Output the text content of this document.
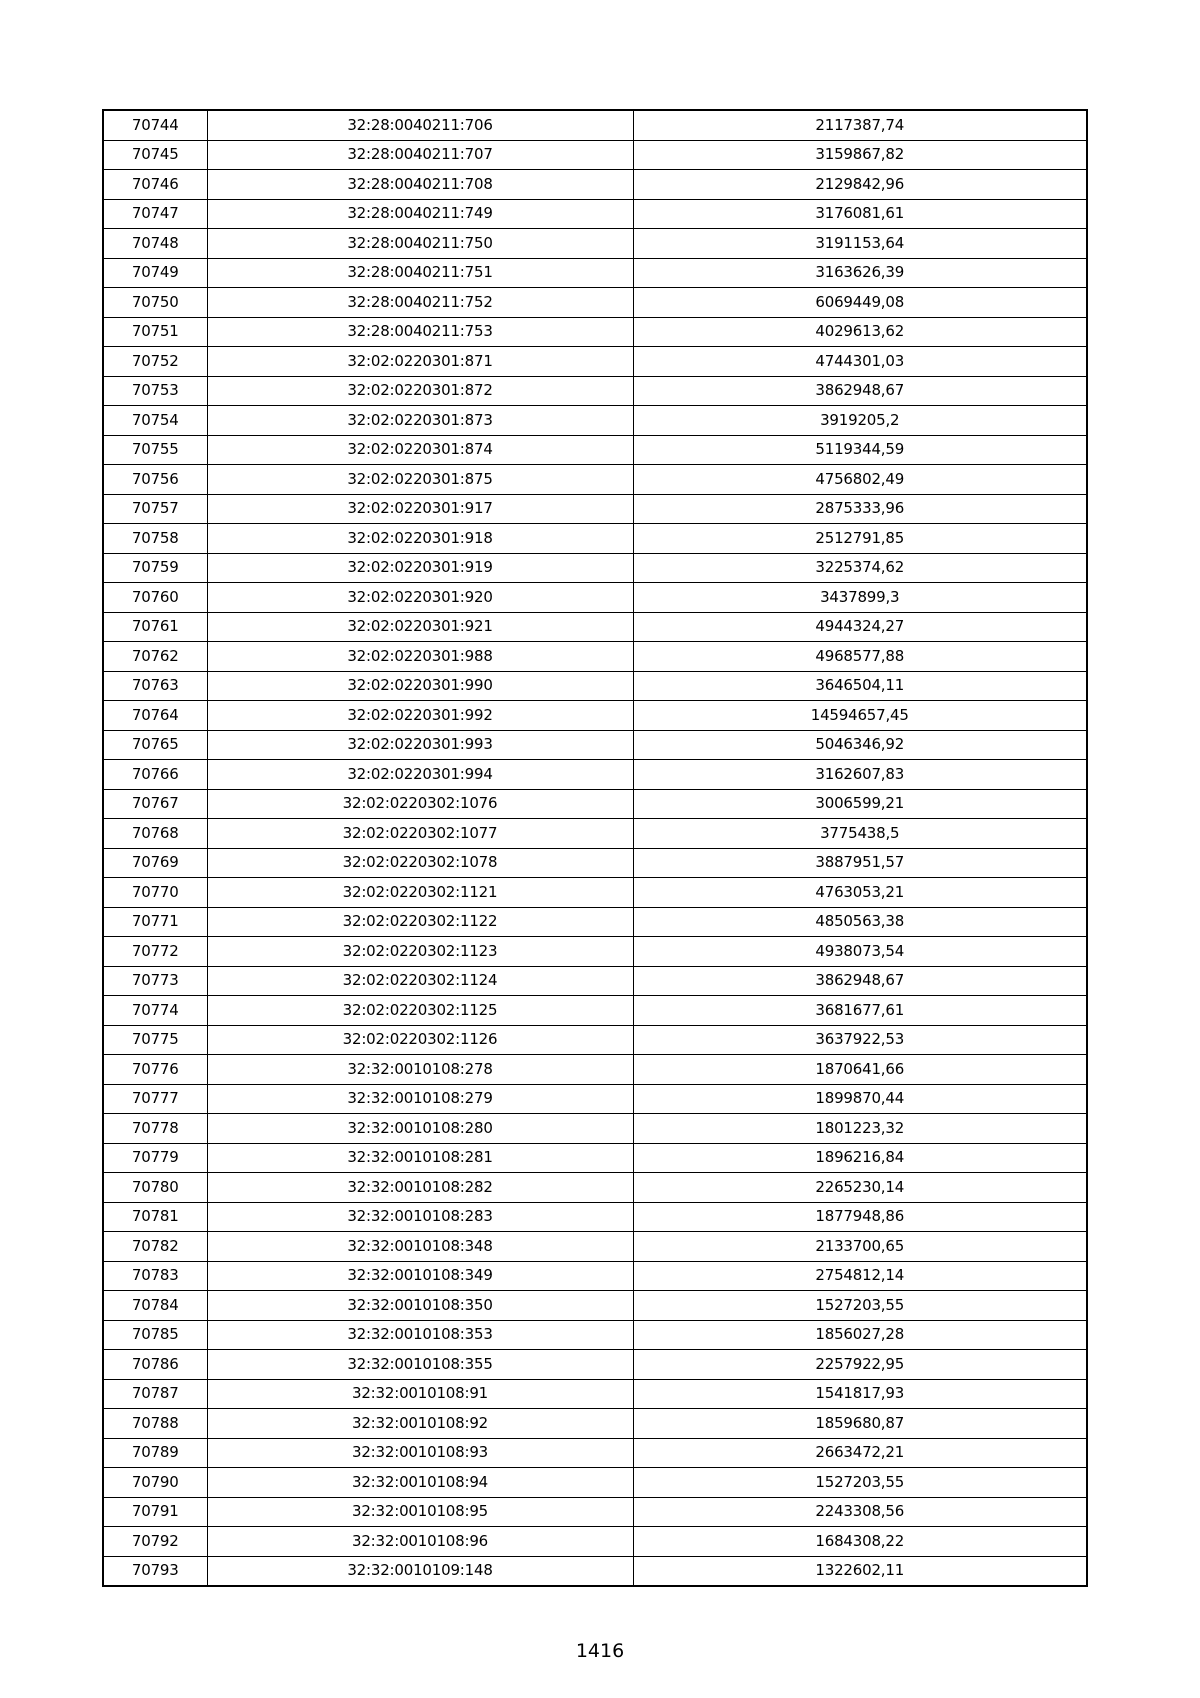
70744	32:28:0040211:706	2117387,74
70745	32:28:0040211:707	3159867,82
70746	32:28:0040211:708	2129842,96
70747	32:28:0040211:749	3176081,61
70748	32:28:0040211:750	3191153,64
70749	32:28:0040211:751	3163626,39
70750	32:28:0040211:752	6069449,08
70751	32:28:0040211:753	4029613,62
70752	32:02:0220301:871	4744301,03
70753	32:02:0220301:872	3862948,67
70754	32:02:0220301:873	3919205,2
70755	32:02:0220301:874	5119344,59
70756	32:02:0220301:875	4756802,49
70757	32:02:0220301:917	2875333,96
70758	32:02:0220301:918	2512791,85
70759	32:02:0220301:919	3225374,62
70760	32:02:0220301:920	3437899,3
70761	32:02:0220301:921	4944324,27
70762	32:02:0220301:988	4968577,88
70763	32:02:0220301:990	3646504,11
70764	32:02:0220301:992	14594657,45
70765	32:02:0220301:993	5046346,92
70766	32:02:0220301:994	3162607,83
70767	32:02:0220302:1076	3006599,21
70768	32:02:0220302:1077	3775438,5
70769	32:02:0220302:1078	3887951,57
70770	32:02:0220302:1121	4763053,21
70771	32:02:0220302:1122	4850563,38
70772	32:02:0220302:1123	4938073,54
70773	32:02:0220302:1124	3862948,67
70774	32:02:0220302:1125	3681677,61
70775	32:02:0220302:1126	3637922,53
70776	32:32:0010108:278	1870641,66
70777	32:32:0010108:279	1899870,44
70778	32:32:0010108:280	1801223,32
70779	32:32:0010108:281	1896216,84
70780	32:32:0010108:282	2265230,14
70781	32:32:0010108:283	1877948,86
70782	32:32:0010108:348	2133700,65
70783	32:32:0010108:349	2754812,14
70784	32:32:0010108:350	1527203,55
70785	32:32:0010108:353	1856027,28
70786	32:32:0010108:355	2257922,95
70787	32:32:0010108:91	1541817,93
70788	32:32:0010108:92	1859680,87
70789	32:32:0010108:93	2663472,21
70790	32:32:0010108:94	1527203,55
70791	32:32:0010108:95	2243308,56
70792	32:32:0010108:96	1684308,22
70793	32:32:0010109:148	1322602,11
1416
